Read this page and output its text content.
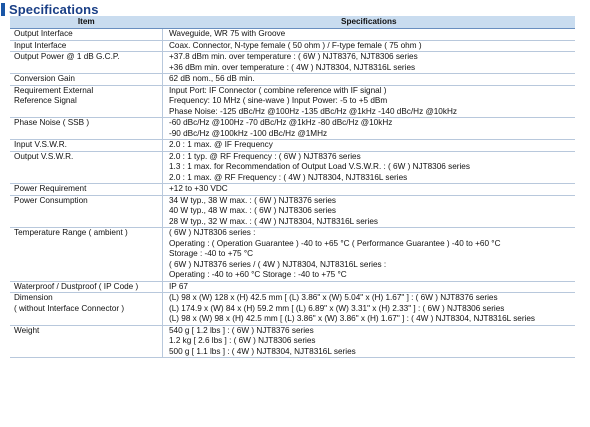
Specifications
Item	Specifications

Output Interface	Waveguide, WR 75 with Groove

Input Interface	Coax. Connector, N-type female ( 50 ohm ) / F-type female ( 75 ohm )

Output Power @ 1 dB G.C.P.	+37.8 dBm min. over temperature : ( 6W ) NJT8376, NJT8306 series
+36 dBm min. over temperature : ( 4W ) NJT8304, NJT8316L series

Conversion Gain	62 dB nom., 56 dB min.

Requirement External
Reference Signal	Input Port: IF Connector ( combine reference with IF signal )
Frequency: 10 MHz ( sine-wave ) Input Power: -5 to +5 dBm
Phase Noise: -125 dBc/Hz @100Hz -135 dBc/Hz @1kHz -140 dBc/Hz @10kHz

Phase Noise ( SSB )	-60 dBc/Hz @100Hz -70 dBc/Hz @1kHz -80 dBc/Hz @10kHz
-90 dBc/Hz @100kHz -100 dBc/Hz @1MHz

Input V.S.W.R.	2.0 : 1 max. @ IF Frequency

Output V.S.W.R.	2.0 : 1 typ. @ RF Frequency : ( 6W ) NJT8376 series
1.3 : 1 max. for Recommendation of Output Load V.S.W.R. : ( 6W ) NJT8306 series
2.0 : 1 max. @ RF Frequency : ( 4W ) NJT8304, NJT8316L series

Power Requirement	+12 to +30 VDC

Power Consumption	34 W typ., 38 W max. : ( 6W ) NJT8376 series
40 W typ., 48 W max. : ( 6W ) NJT8306 series
28 W typ., 32 W max. : ( 4W ) NJT8304, NJT8316L series

Temperature Range ( ambient )	( 6W ) NJT8306 series :
Operating : ( Operation Guarantee ) -40 to +65 °C ( Performance Guarantee ) -40 to +60 °C
Storage : -40 to +75 °C
( 6W ) NJT8376 series / ( 4W ) NJT8304, NJT8316L series :
Operating : -40 to +60 °C Storage : -40 to +75 °C

Waterproof / Dustproof ( IP Code )	IP 67

Dimension
( without Interface Connector )	(L) 98 x (W) 128 x (H) 42.5 mm [ (L) 3.86" x (W) 5.04" x (H) 1.67" ] : ( 6W ) NJT8376 series
(L) 174.9 x (W) 84 x (H) 59.2 mm [ (L) 6.89" x (W) 3.31" x (H) 2.33" ] : ( 6W ) NJT8306 series
(L) 98 x (W) 98 x (H) 42.5 mm [ (L) 3.86" x (W) 3.86" x (H) 1.67" ] : ( 4W ) NJT8304, NJT8316L series

Weight	540 g [ 1.2 lbs ] : ( 6W ) NJT8376 series
1.2 kg [ 2.6 lbs ] : ( 6W ) NJT8306 series
500 g [ 1.1 lbs ] : ( 4W ) NJT8304, NJT8316L series
